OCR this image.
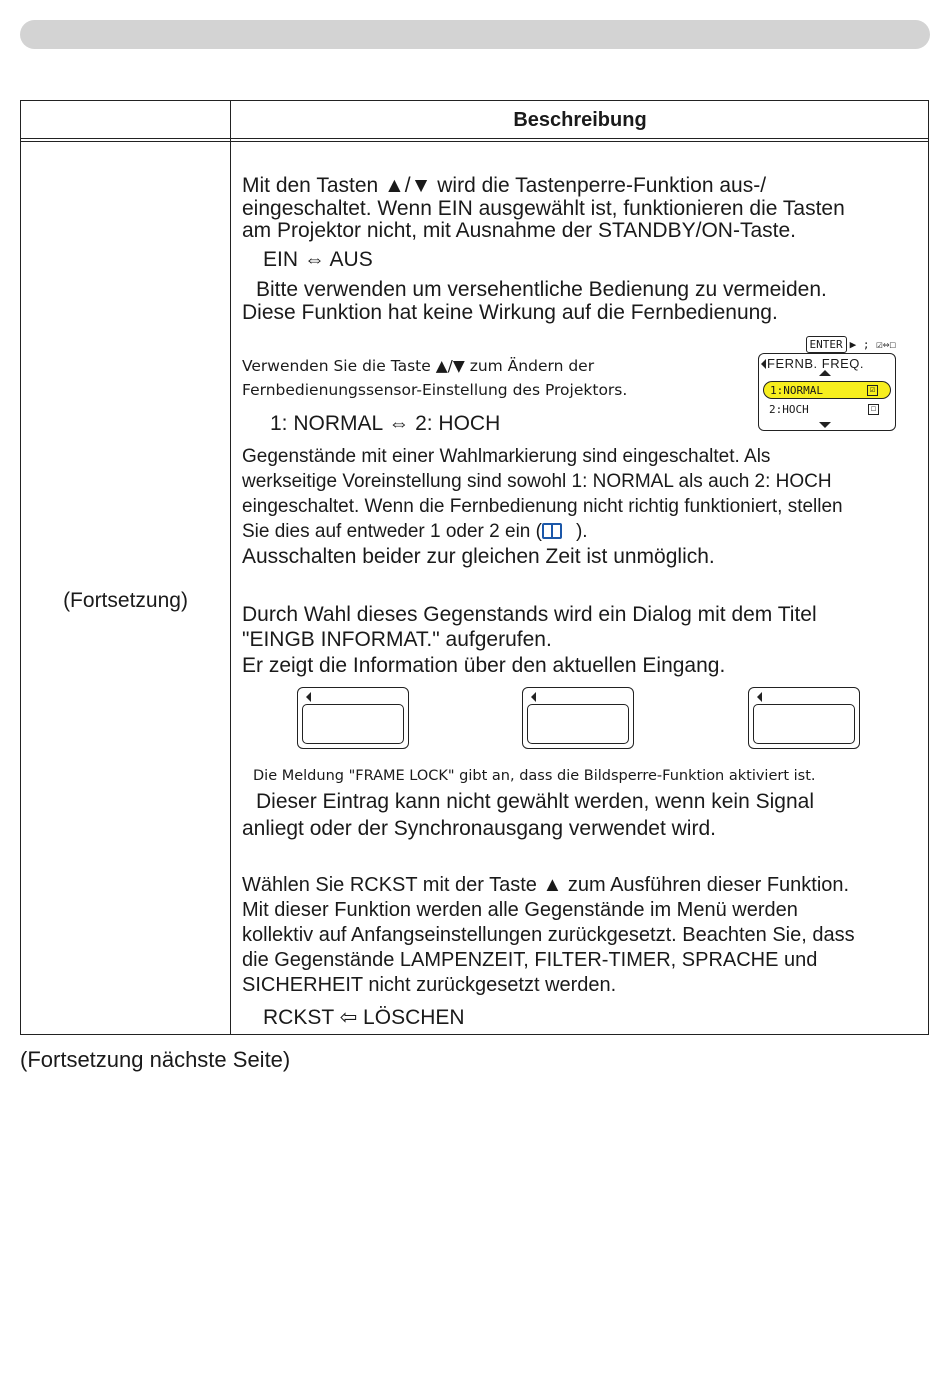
Beschreibung
(Fortsetzung)
Mit den Tasten ▲/▼ wird die Tastenperre-Funktion aus-/
eingeschaltet. Wenn EIN ausgewählt ist, funktionieren die Tasten
am Projektor nicht, mit Ausnahme der STANDBY/ON-Taste.
EIN ⇔ AUS
Bitte verwenden um versehentliche Bedienung zu vermeiden.
Diese Funktion hat keine Wirkung auf die Fernbedienung.
Verwenden Sie die Taste ▲/▼ zum Ändern der
Fernbedienungssensor-Einstellung des Projektors.
1: NORMAL ⇔ 2: HOCH
Gegenstände mit einer Wahlmarkierung sind eingeschaltet. Als
werkseitige Voreinstellung sind sowohl 1: NORMAL als auch 2: HOCH
eingeschaltet. Wenn die Fernbedienung nicht richtig funktioniert, stellen
Sie dies auf entweder 1 oder 2 ein ( ).
Ausschalten beider zur gleichen Zeit ist unmöglich.
Durch Wahl dieses Gegenstands wird ein Dialog mit dem Titel
"EINGB INFORMAT." aufgerufen.
Er zeigt die Information über den aktuellen Eingang.
Die Meldung "FRAME LOCK" gibt an, dass die Bildsperre-Funktion aktiviert ist.
Dieser Eintrag kann nicht gewählt werden, wenn kein Signal
anliegt oder der Synchronausgang verwendet wird.
Wählen Sie RCKST mit der Taste ▲ zum Ausführen dieser Funktion.
Mit dieser Funktion werden alle Gegenstände im Menü werden
kollektiv auf Anfangseinstellungen zurückgesetzt. Beachten Sie, dass
die Gegenstände LAMPENZEIT, FILTER-TIMER, SPRACHE und
SICHERHEIT nicht zurückgesetzt werden.
RCKST ⇦ LÖSCHEN
ENTER ▶ ; ☑⇔☐
FERNB. FREQ.
1:NORMAL	☑
2:HOCH	☐
(Fortsetzung nächste Seite)
